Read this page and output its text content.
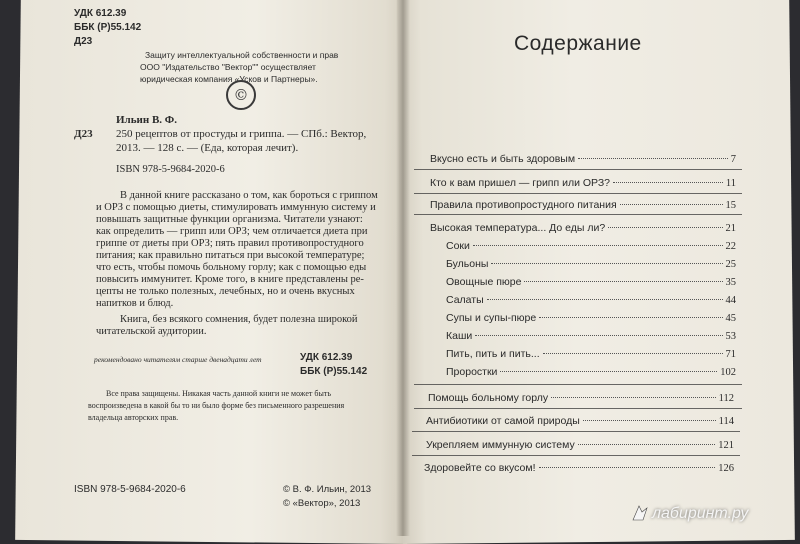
УДК 612.39
ББК (Р)55.142
Д23
Защиту интеллектуальной собственности и прав
ООО "Издательство "Вектор"" осуществляет
юридическая компания «Усков и Партнеры».
©
Ильин В. Ф.
Д23 250 рецептов от простуды и гриппа. — СПб.: Вектор,
2013. — 128 с. — (Еда, которая лечит).
ISBN 978-5-9684-2020-6
В данной книге рассказано о том, как бороться с гриппом
и ОРЗ с помощью диеты, стимулировать иммунную систему и
повышать защитные функции организма. Читатели узнают:
как определить — грипп или ОРЗ; чем отличается диета при
гриппе от диеты при ОРЗ; пять правил противопростудного
питания; как правильно питаться при высокой температуре;
что есть, чтобы помочь больному горлу; как с помощью еды
повысить иммунитет. Кроме того, в книге представлены ре-
цепты не только полезных, лечебных, но и очень вкусных
напитков и блюд.
Книга, без всякого сомнения, будет полезна широкой
читательской аудитории.
рекомендовано читателям старше двенадцати лет	УДК 612.39
ББК (Р)55.142
Все права защищены. Никакая часть данной книги не может быть
воспроизведена в какой бы то ни было форме без письменного разрешения
владельца авторских прав.
ISBN 978-5-9684-2020-6	© В. Ф. Ильин, 2013
© «Вектор», 2013
Содержание
Вкусно есть и быть здоровым	7
Кто к вам пришел — грипп или ОРЗ?	11
Правила противопростудного питания	15
Высокая температура... До еды ли?	21
Соки	22
Бульоны	25
Овощные пюре	35
Салаты	44
Супы и супы-пюре	45
Каши	53
Пить, пить и пить...	71
Проростки	102
Помощь больному горлу	112
Антибиотики от самой природы	114
Укрепляем иммунную систему	121
Здоровейте со вкусом!	126
лабиринт.ру
